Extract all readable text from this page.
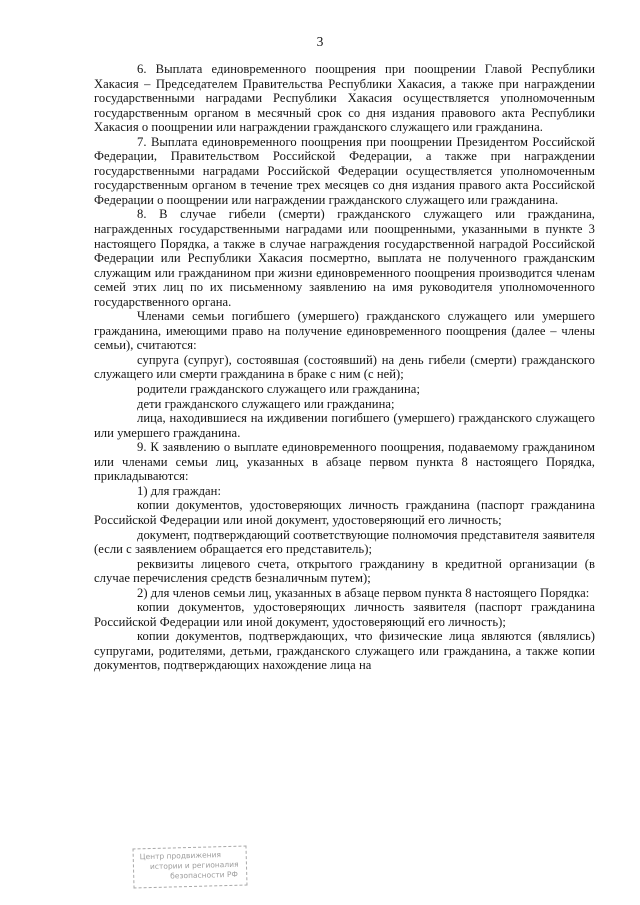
3

6. Выплата единовременного поощрения при поощрении Главой Республики Хакасия – Председателем Правительства Республики Хакасия, а также при награждении государственными наградами Республики Хакасия осуществляется уполномоченным государственным органом в месячный срок со дня издания правового акта Республики Хакасия о поощрении или награждении гражданского служащего или гражданина.

7. Выплата единовременного поощрения при поощрении Президентом Российской Федерации, Правительством Российской Федерации, а также при награждении государственными наградами Российской Федерации осуществляется уполномоченным государственным органом в течение трех месяцев со дня издания правого акта Российской Федерации о поощрении или награждении гражданского служащего или гражданина.

8. В случае гибели (смерти) гражданского служащего или гражданина, награжденных государственными наградами или поощренными, указанными в пункте 3 настоящего Порядка, а также в случае награждения государственной наградой Российской Федерации или Республики Хакасия посмертно, выплата не полученного гражданским служащим или гражданином при жизни единовременного поощрения производится членам семей этих лиц по их письменному заявлению на имя руководителя уполномоченного государственного органа.

Членами семьи погибшего (умершего) гражданского служащего или умершего гражданина, имеющими право на получение единовременного поощрения (далее – члены семьи), считаются:

супруга (супруг), состоявшая (состоявший) на день гибели (смерти) гражданского служащего или смерти гражданина в браке с ним (с ней);

родители гражданского служащего или гражданина;

дети гражданского служащего или гражданина;

лица, находившиеся на иждивении погибшего (умершего) гражданского служащего или умершего гражданина.

9. К заявлению о выплате единовременного поощрения, подаваемому гражданином или членами семьи лиц, указанных в абзаце первом пункта 8 настоящего Порядка, прикладываются:

1) для граждан:

копии документов, удостоверяющих личность гражданина (паспорт гражданина Российской Федерации или иной документ, удостоверяющий его личность;

документ, подтверждающий соответствующие полномочия представителя заявителя (если с заявлением обращается его представитель);

реквизиты лицевого счета, открытого гражданину в кредитной организации (в случае перечисления средств безналичным путем);

2) для членов семьи лиц, указанных в абзаце первом пункта 8 настоящего Порядка:

копии документов, удостоверяющих личность заявителя (паспорт гражданина Российской Федерации или иной документ, удостоверяющий его личность);

копии документов, подтверждающих, что физические лица являются (являлись) супругами, родителями, детьми, гражданского служащего или гражданина, а также копии документов, подтверждающих нахождение лица на

Центр продвижения
истории и регионалия
безопасности РФ
